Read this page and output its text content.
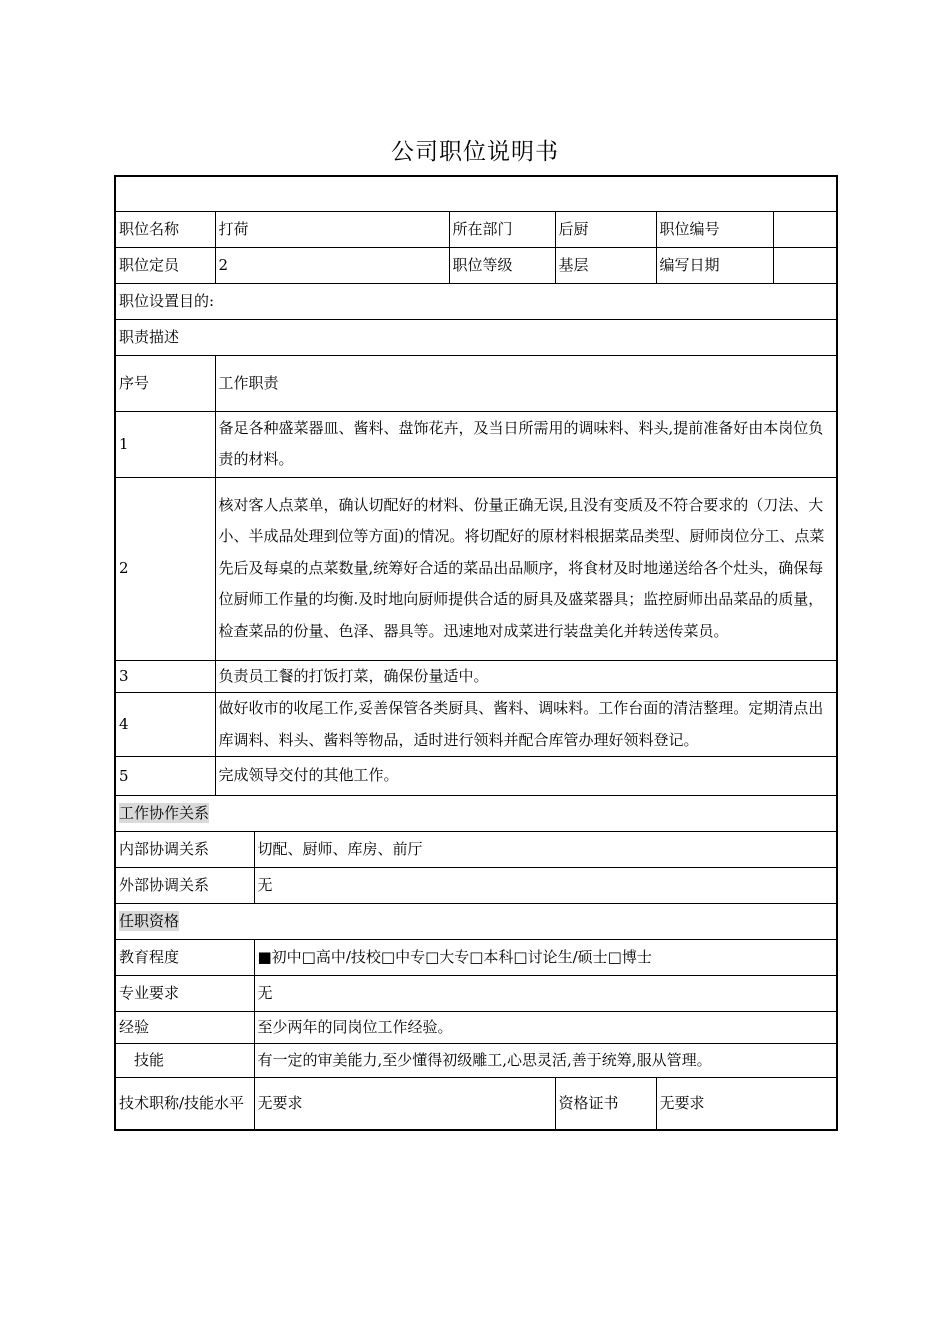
公司职位说明书

职位名称	打荷		所在部门	后厨	职位编号	
职位定员	2		职位等级	基层	编写日期	
职位设置目的:						
职责描述						
序号	工作职责					
1	备足各种盛菜器皿、酱料、盘饰花卉，及当日所需用的调味料、料头,提前准备好由本岗位负责的材料。					
2	核对客人点菜单，确认切配好的材料、份量正确无误,且没有变质及不符合要求的（刀法、大小、半成品处理到位等方面)的情况。将切配好的原材料根据菜品类型、厨师岗位分工、点菜先后及每桌的点菜数量,统筹好合适的菜品出品顺序，将食材及时地递送给各个灶头，确保每位厨师工作量的均衡.及时地向厨师提供合适的厨具及盛菜器具；监控厨师出品菜品的质量，检查菜品的份量、色泽、器具等。迅速地对成菜进行装盘美化并转送传菜员。					
3	负责员工餐的打饭打菜，确保份量适中。					
4	做好收市的收尾工作,妥善保管各类厨具、酱料、调味料。工作台面的清洁整理。定期清点出库调料、料头、酱料等物品，适时进行领料并配合库管办理好领料登记。					
5	完成领导交付的其他工作。					
工作协作关系						
内部协调关系		切配、厨师、库房、前厅				
外部协调关系		无				
任职资格						
教育程度		■初中□高中/技校□中专□大专□本科□讨论生/硕士□博士				
专业要求		无				
经验		至少两年的同岗位工作经验。				
技能		有一定的审美能力,至少懂得初级雕工,心思灵活,善于统筹,服从管理。				
技术职称/技能水平		无要求		资格证书	无要求	
